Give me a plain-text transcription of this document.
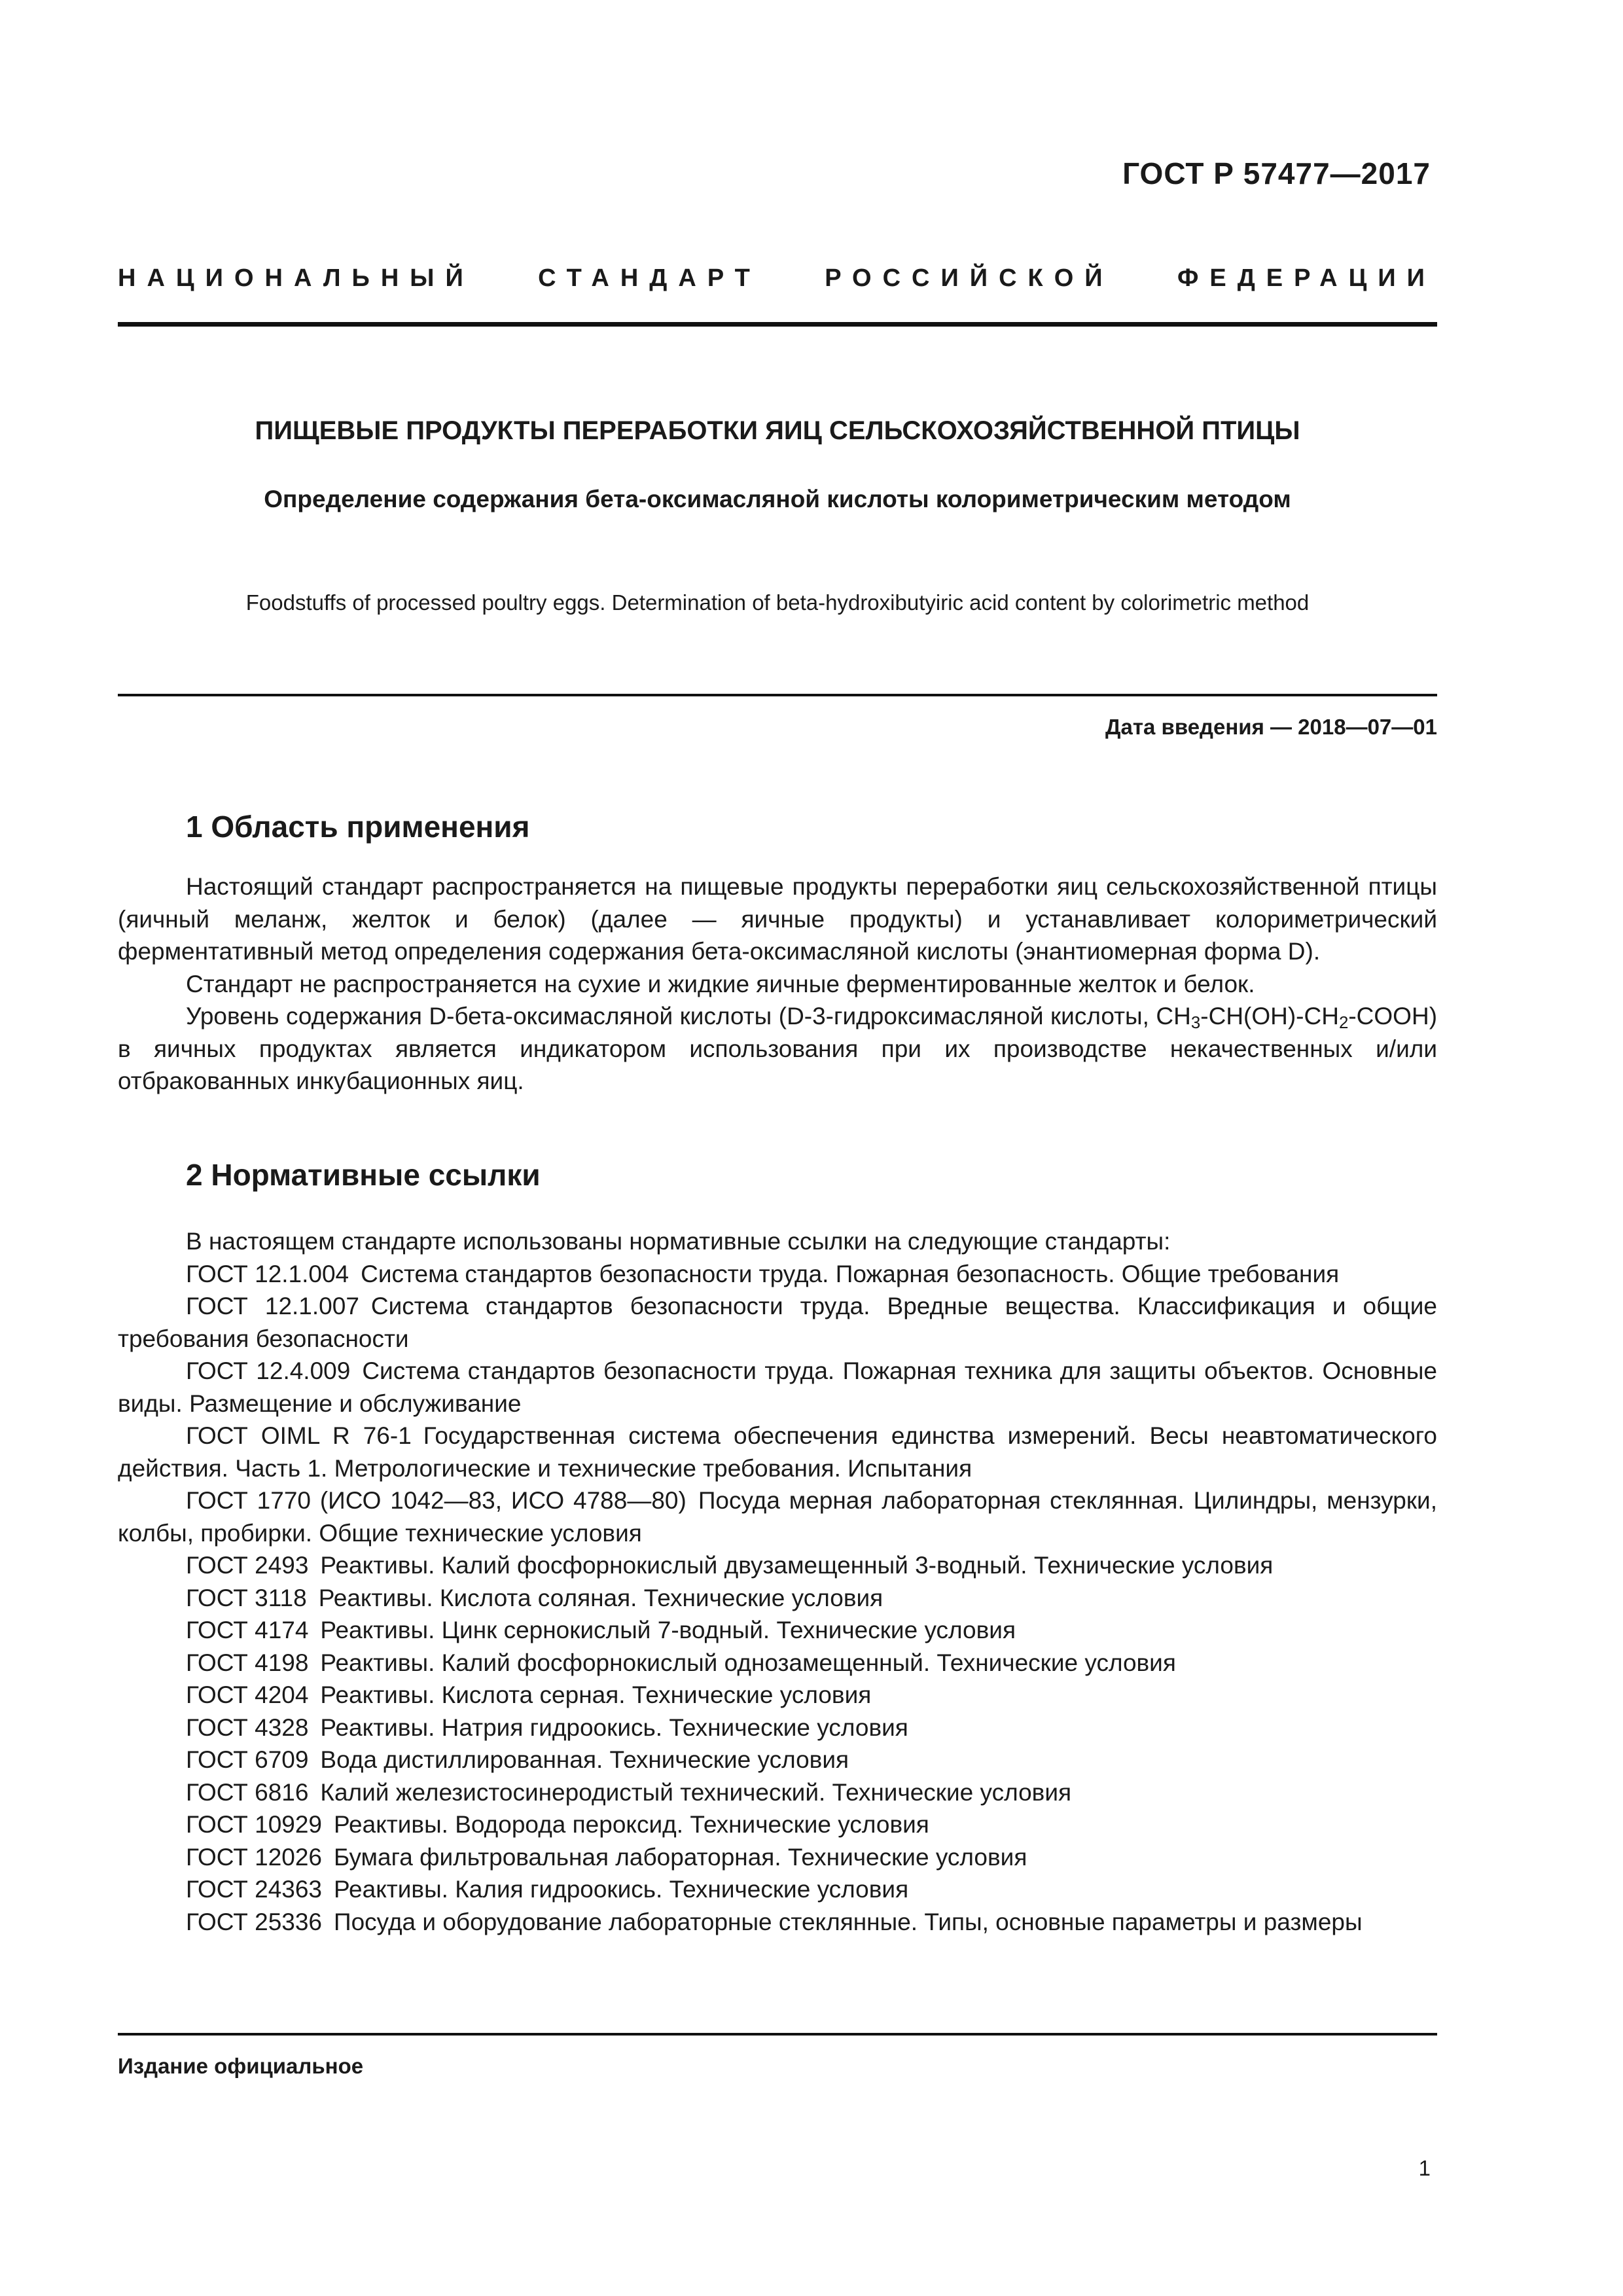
ГОСТ Р 57477—2017
НАЦИОНАЛЬНЫЙ	СТАНДАРТ	РОССИЙСКОЙ	ФЕДЕРАЦИИ
ПИЩЕВЫЕ ПРОДУКТЫ ПЕРЕРАБОТКИ ЯИЦ СЕЛЬСКОХОЗЯЙСТВЕННОЙ ПТИЦЫ
Определение содержания бета-оксимасляной кислоты колориметрическим методом
Foodstuffs of processed poultry eggs. Determination of beta-hydroxibutyiric acid content by colorimetric method
Дата введения — 2018—07—01
1 Область применения

Настоящий стандарт распространяется на пищевые продукты переработки яиц сельскохозяйственной птицы (яичный меланж, желток и белок) (далее — яичные продукты) и устанавливает колориметрический ферментативный метод определения содержания бета-оксимасляной кислоты (энантиомерная форма D).

Стандарт не распространяется на сухие и жидкие яичные ферментированные желток и белок.

Уровень содержания D-бета-оксимасляной кислоты (D-3-гидроксимасляной кислоты, $CH_3-CH(OH)-CH_2-COOH$) в яичных продуктах является индикатором использования при их производстве некачественных и/или отбракованных инкубационных яиц.

2 Нормативные ссылки

В настоящем стандарте использованы нормативные ссылки на следующие стандарты:

ГОСТ 12.1.004 Система стандартов безопасности труда. Пожарная безопасность. Общие требования

ГОСТ 12.1.007 Система стандартов безопасности труда. Вредные вещества. Классификация и общие требования безопасности

ГОСТ 12.4.009 Система стандартов безопасности труда. Пожарная техника для защиты объектов. Основные виды. Размещение и обслуживание

ГОСТ OIML R 76-1 Государственная система обеспечения единства измерений. Весы неавтоматического действия. Часть 1. Метрологические и технические требования. Испытания

ГОСТ 1770 (ИСО 1042—83, ИСО 4788—80) Посуда мерная лабораторная стеклянная. Цилиндры, мензурки, колбы, пробирки. Общие технические условия

ГОСТ 2493 Реактивы. Калий фосфорнокислый двузамещенный 3-водный. Технические условия

ГОСТ 3118 Реактивы. Кислота соляная. Технические условия

ГОСТ 4174 Реактивы. Цинк сернокислый 7-водный. Технические условия

ГОСТ 4198 Реактивы. Калий фосфорнокислый однозамещенный. Технические условия

ГОСТ 4204 Реактивы. Кислота серная. Технические условия

ГОСТ 4328 Реактивы. Натрия гидроокись. Технические условия

ГОСТ 6709 Вода дистиллированная. Технические условия

ГОСТ 6816 Калий железистосинеродистый технический. Технические условия

ГОСТ 10929 Реактивы. Водорода пероксид. Технические условия

ГОСТ 12026 Бумага фильтровальная лабораторная. Технические условия

ГОСТ 24363 Реактивы. Калия гидроокись. Технические условия

ГОСТ 25336 Посуда и оборудование лабораторные стеклянные. Типы, основные параметры и размеры

Издание официальное
1
